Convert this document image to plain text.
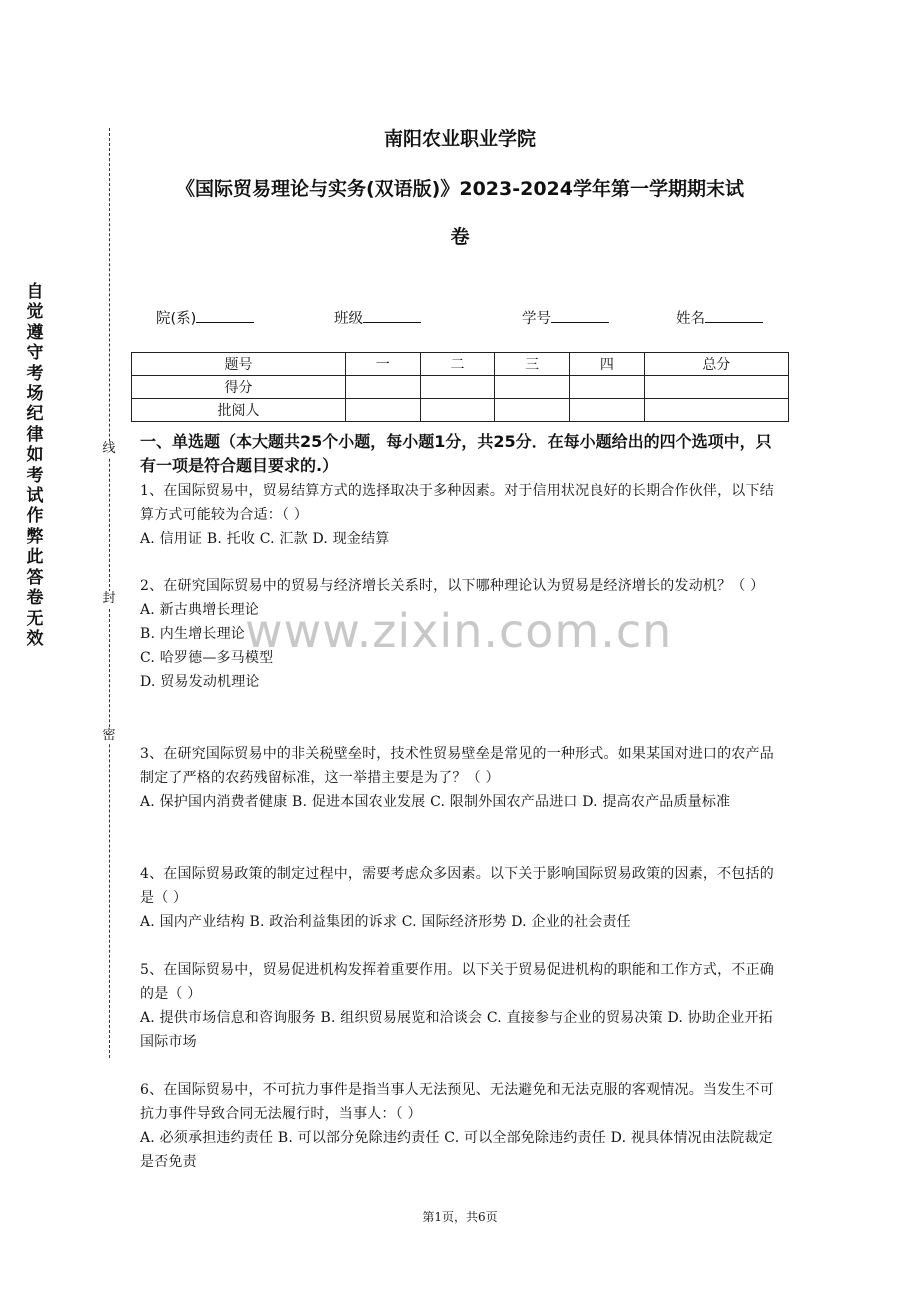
自觉遵守考场纪律如考试作弊此答卷无效
线
封
密
南阳农业职业学院
《国际贸易理论与实务(双语版)》2023-2024学年第一学期期末试
卷
院(系)	班级	学号	姓名
题号	一	二	三	四	总分
得分					
批阅人					
一、单选题（本大题共25个小题，每小题1分，共25分．在每小题给出的四个选项中，只有一项是符合题目要求的.）

1、在国际贸易中，贸易结算方式的选择取决于多种因素。对于信用状况良好的长期合作伙伴，以下结算方式可能较为合适：（ ）

A. 信用证 B. 托收 C. 汇款 D. 现金结算

2、在研究国际贸易中的贸易与经济增长关系时，以下哪种理论认为贸易是经济增长的发动机？（ ）

A. 新古典增长理论

B. 内生增长理论

C. 哈罗德—多马模型

D. 贸易发动机理论

3、在研究国际贸易中的非关税壁垒时，技术性贸易壁垒是常见的一种形式。如果某国对进口的农产品制定了严格的农药残留标准，这一举措主要是为了？（ ）

A. 保护国内消费者健康 B. 促进本国农业发展 C. 限制外国农产品进口 D. 提高农产品质量标准

4、在国际贸易政策的制定过程中，需要考虑众多因素。以下关于影响国际贸易政策的因素，不包括的是（ ）

A. 国内产业结构 B. 政治利益集团的诉求 C. 国际经济形势 D. 企业的社会责任

5、在国际贸易中，贸易促进机构发挥着重要作用。以下关于贸易促进机构的职能和工作方式，不正确的是（ ）

A. 提供市场信息和咨询服务 B. 组织贸易展览和洽谈会 C. 直接参与企业的贸易决策 D. 协助企业开拓国际市场

6、在国际贸易中，不可抗力事件是指当事人无法预见、无法避免和无法克服的客观情况。当发生不可抗力事件导致合同无法履行时，当事人：（ ）

A. 必须承担违约责任 B. 可以部分免除违约责任 C. 可以全部免除违约责任 D. 视具体情况由法院裁定是否免责

www.zixin.com.cn
第1页，共6页
